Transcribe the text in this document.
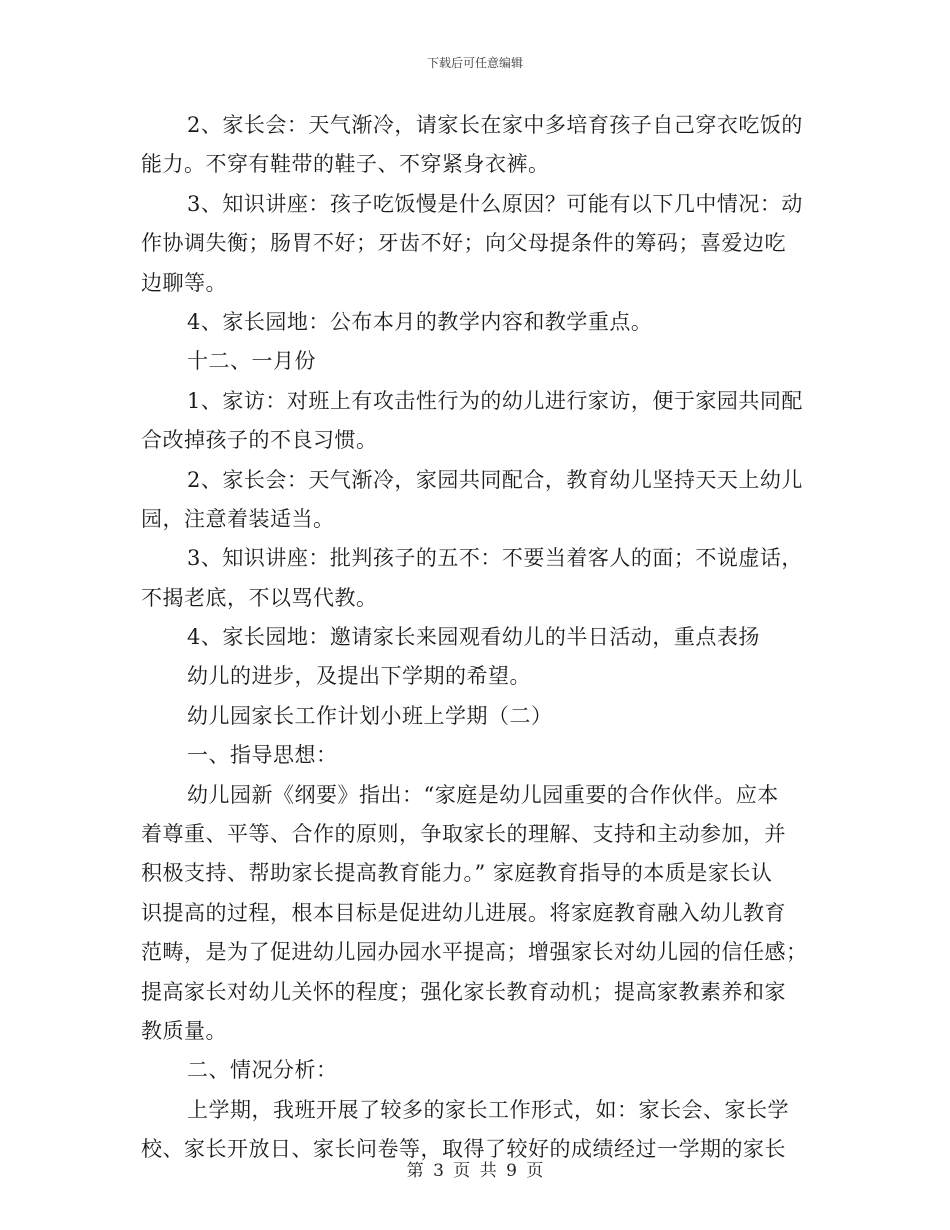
下载后可任意编辑
2、家长会：天气渐冷，请家长在家中多培育孩子自己穿衣吃饭的
能力。不穿有鞋带的鞋子、不穿紧身衣裤。
3、知识讲座：孩子吃饭慢是什么原因？可能有以下几中情况：动
作协调失衡；肠胃不好；牙齿不好；向父母提条件的筹码；喜爱边吃
边聊等。
4、家长园地：公布本月的教学内容和教学重点。
十二、一月份
1、家访：对班上有攻击性行为的幼儿进行家访，便于家园共同配
合改掉孩子的不良习惯。
2、家长会：天气渐冷，家园共同配合，教育幼儿坚持天天上幼儿
园，注意着装适当。
3、知识讲座：批判孩子的五不：不要当着客人的面；不说虚话，
不揭老底，不以骂代教。
4、家长园地：邀请家长来园观看幼儿的半日活动，重点表扬
幼儿的进步，及提出下学期的希望。
幼儿园家长工作计划小班上学期（二）
一、指导思想：
幼儿园新《纲要》指出：“家庭是幼儿园重要的合作伙伴。应本
着尊重、平等、合作的原则，争取家长的理解、支持和主动参加，并
积极支持、帮助家长提高教育能力。” 家庭教育指导的本质是家长认
识提高的过程，根本目标是促进幼儿进展。将家庭教育融入幼儿教育
范畴，是为了促进幼儿园办园水平提高；增强家长对幼儿园的信任感；
提高家长对幼儿关怀的程度；强化家长教育动机；提高家教素养和家
教质量。
二、情况分析：
上学期，我班开展了较多的家长工作形式，如：家长会、家长学
校、家长开放日、家长问卷等，取得了较好的成绩经过一学期的家长
第 3 页 共 9 页
